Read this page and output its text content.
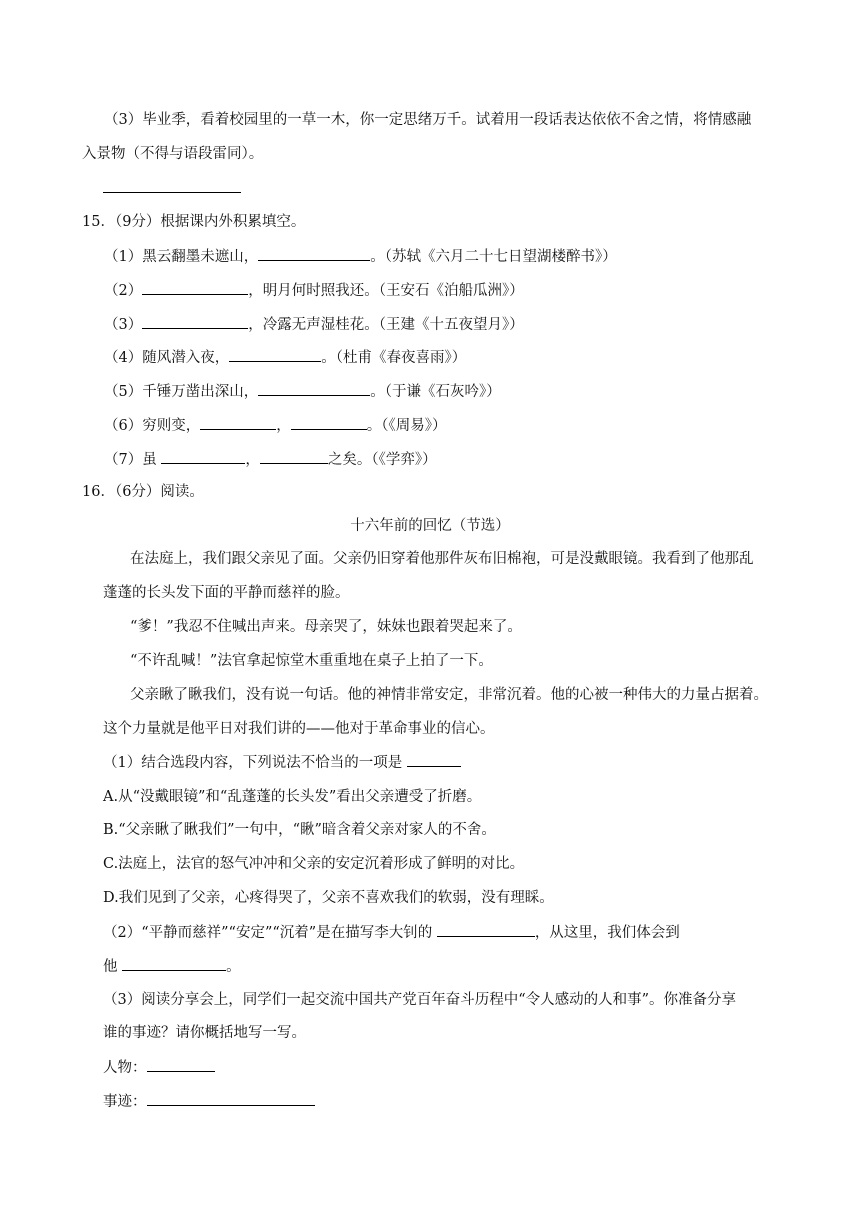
（3）毕业季，看着校园里的一草一木，你一定思绪万千。试着用一段话表达依依不舍之情，将情感融
入景物（不得与语段雷同）。
15．（9分）根据课内外积累填空。
（1）黑云翻墨未遮山，	。（苏轼《六月二十七日望湖楼醉书》）
（2）	，明月何时照我还。（王安石《泊船瓜洲》）
（3）	，冷露无声湿桂花。（王建《十五夜望月》）
（4）随风潜入夜，	。（杜甫《春夜喜雨》）
（5）千锤万凿出深山，	。（于谦《石灰吟》）
（6）穷则变，	，	。（《周易》）
（7）虽	，	之矣。（《学弈》）
16．（6分）阅读。
十六年前的回忆（节选）
在法庭上，我们跟父亲见了面。父亲仍旧穿着他那件灰布旧棉袍，可是没戴眼镜。我看到了他那乱
蓬蓬的长头发下面的平静而慈祥的脸。
“爹！”我忍不住喊出声来。母亲哭了，妹妹也跟着哭起来了。
“不许乱喊！”法官拿起惊堂木重重地在桌子上拍了一下。
父亲瞅了瞅我们，没有说一句话。他的神情非常安定，非常沉着。他的心被一种伟大的力量占据着。
这个力量就是他平日对我们讲的——他对于革命事业的信心。
（1）结合选段内容，下列说法不恰当的一项是
A.从“没戴眼镜”和“乱蓬蓬的长头发”看出父亲遭受了折磨。
B.“父亲瞅了瞅我们”一句中，“瞅”暗含着父亲对家人的不舍。
C.法庭上，法官的怒气冲冲和父亲的安定沉着形成了鲜明的对比。
D.我们见到了父亲，心疼得哭了，父亲不喜欢我们的软弱，没有理睬。
（2）“平静而慈祥”“安定”“沉着”是在描写李大钊的	，从这里，我们体会到
他	。
（3）阅读分享会上，同学们一起交流中国共产党百年奋斗历程中“令人感动的人和事”。你准备分享
谁的事迹？请你概括地写一写。
人物：
事迹：
